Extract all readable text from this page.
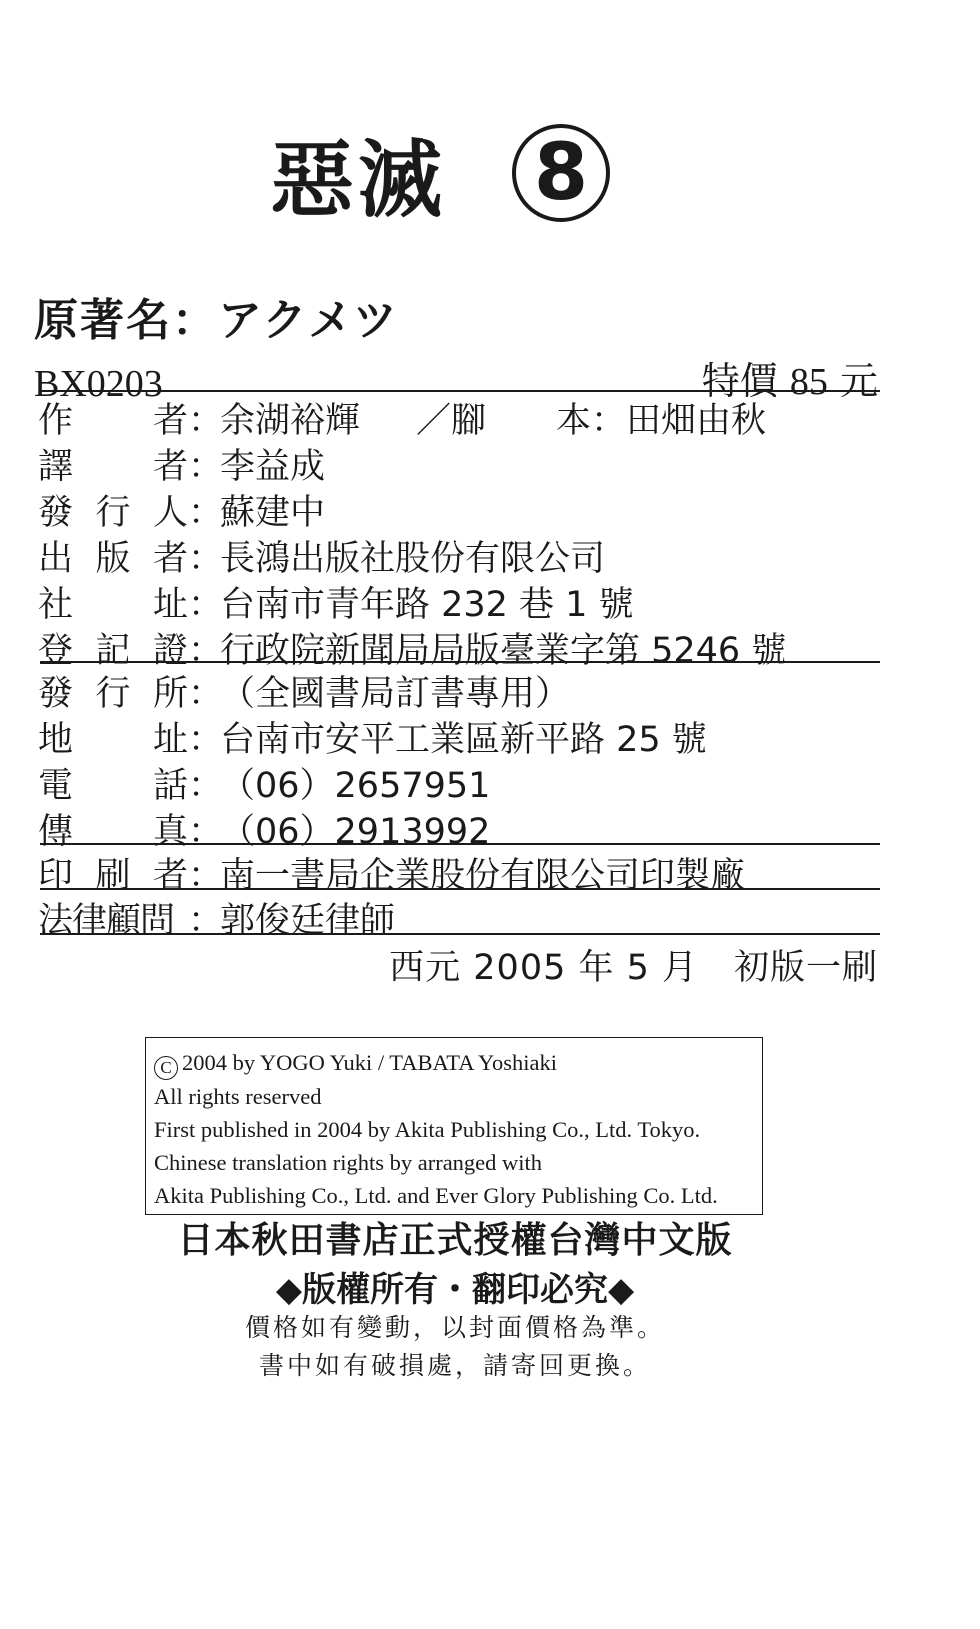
惡滅 8
原著名：アクメツ
BX0203	特價 85 元
作 者 ：
余湖裕輝 ／腳　　本： 田畑由秋
譯 者 ：
李益成
發 行 人 ：
蘇建中
出 版 者 ：
長鴻出版社股份有限公司
社 址 ：
台南市青年路 232 巷 1 號
登 記 證 ：
行政院新聞局局版臺業字第 5246 號
發 行 所 ：
（全國書局訂書專用）
地 址 ：
台南市安平工業區新平路 25 號
電 話 ：
（06）2657951
傳 真 ：
（06）2913992
印 刷 者 ：
南一書局企業股份有限公司印製廠
法律顧問 ：
郭俊廷律師
西元 2005 年 5 月　初版一刷
C 2004 by YOGO Yuki / TABATA Yoshiaki
All rights reserved
First published in 2004 by Akita Publishing Co., Ltd. Tokyo.
Chinese translation rights by arranged with
Akita Publishing Co., Ltd. and Ever Glory Publishing Co. Ltd.
日本秋田書店正式授權台灣中文版
◆版權所有・翻印必究◆
價格如有變動，以封面價格為準。
書中如有破損處，請寄回更換。
